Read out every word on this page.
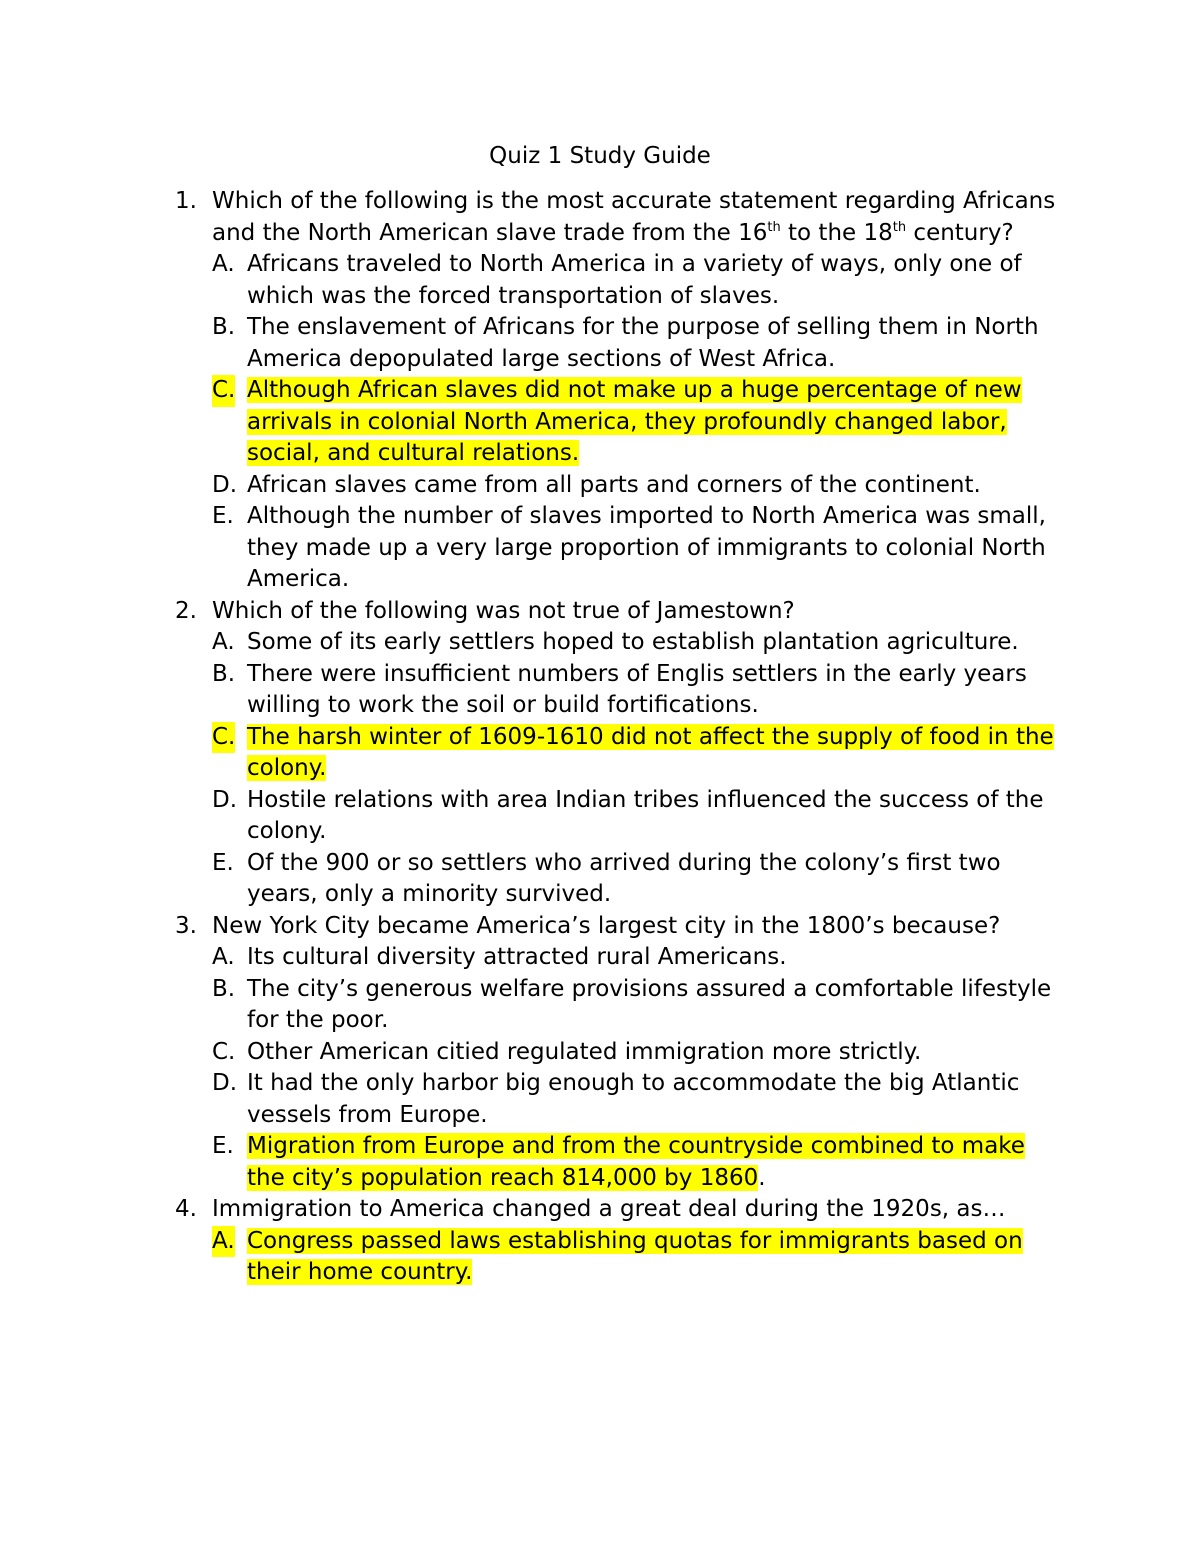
Quiz 1 Study Guide
1. Which of the following is the most accurate statement regarding Africans and the North American slave trade from the 16th to the 18th century?
A. Africans traveled to North America in a variety of ways, only one of which was the forced transportation of slaves.
B. The enslavement of Africans for the purpose of selling them in North America depopulated large sections of West Africa.
C. Although African slaves did not make up a huge percentage of new arrivals in colonial North America, they profoundly changed labor, social, and cultural relations.
D. African slaves came from all parts and corners of the continent.
E. Although the number of slaves imported to North America was small, they made up a very large proportion of immigrants to colonial North America.
2. Which of the following was not true of Jamestown?
A. Some of its early settlers hoped to establish plantation agriculture.
B. There were insufficient numbers of Englis settlers in the early years willing to work the soil or build fortifications.
C. The harsh winter of 1609-1610 did not affect the supply of food in the colony.
D. Hostile relations with area Indian tribes influenced the success of the colony.
E. Of the 900 or so settlers who arrived during the colony’s first two years, only a minority survived.
3. New York City became America’s largest city in the 1800’s because?
A. Its cultural diversity attracted rural Americans.
B. The city’s generous welfare provisions assured a comfortable lifestyle for the poor.
C. Other American citied regulated immigration more strictly.
D. It had the only harbor big enough to accommodate the big Atlantic vessels from Europe.
E. Migration from Europe and from the countryside combined to make the city’s population reach 814,000 by 1860.
4. Immigration to America changed a great deal during the 1920s, as…
A. Congress passed laws establishing quotas for immigrants based on their home country.
